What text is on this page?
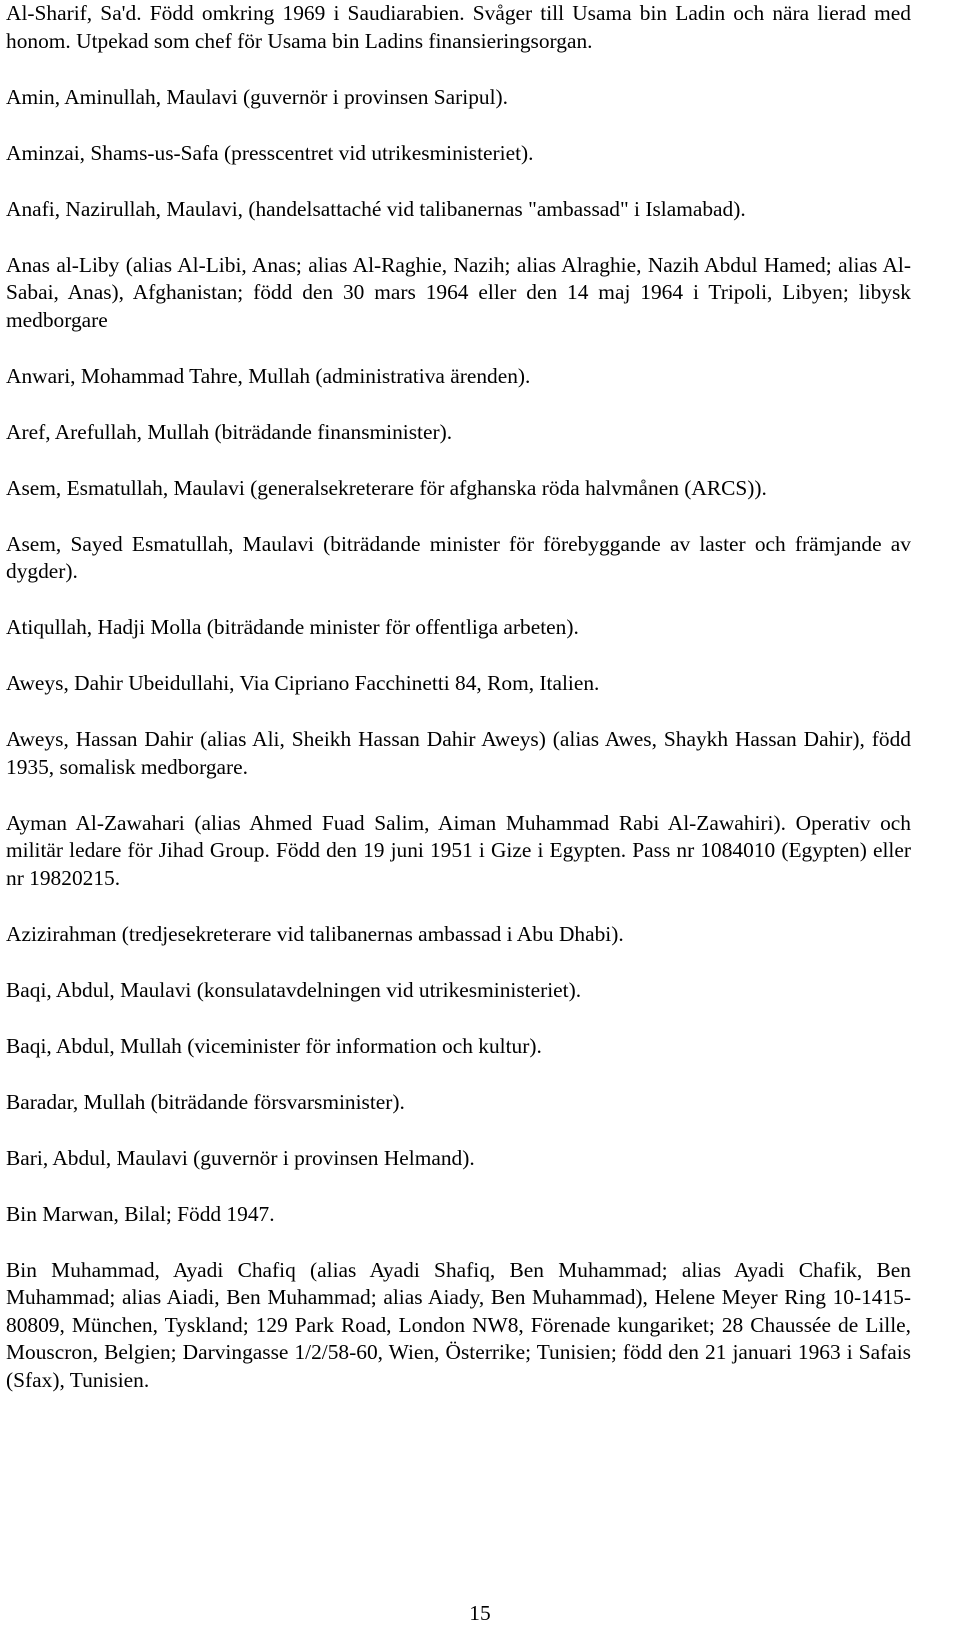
Al-Sharif, Sa'd. Född omkring 1969 i Saudiarabien. Svåger till Usama bin Ladin och nära lierad med honom. Utpekad som chef för Usama bin Ladins finansieringsorgan.

Amin, Aminullah, Maulavi (guvernör i provinsen Saripul).

Aminzai, Shams-us-Safa (presscentret vid utrikesministeriet).

Anafi, Nazirullah, Maulavi, (handelsattaché vid talibanernas "ambassad" i Islamabad).

Anas al-Liby (alias Al-Libi, Anas; alias Al-Raghie, Nazih; alias Alraghie, Nazih Abdul Hamed; alias Al-Sabai, Anas), Afghanistan; född den 30 mars 1964 eller den 14 maj 1964 i Tripoli, Libyen; libysk medborgare

Anwari, Mohammad Tahre, Mullah (administrativa ärenden).

Aref, Arefullah, Mullah (biträdande finansminister).

Asem, Esmatullah, Maulavi (generalsekreterare för afghanska röda halvmånen (ARCS)).

Asem, Sayed Esmatullah, Maulavi (biträdande minister för förebyggande av laster och främjande av dygder).

Atiqullah, Hadji Molla (biträdande minister för offentliga arbeten).

Aweys, Dahir Ubeidullahi, Via Cipriano Facchinetti 84, Rom, Italien.

Aweys, Hassan Dahir (alias Ali, Sheikh Hassan Dahir Aweys) (alias Awes, Shaykh Hassan Dahir), född 1935, somalisk medborgare.

Ayman Al-Zawahari (alias Ahmed Fuad Salim, Aiman Muhammad Rabi Al-Zawahiri). Operativ och militär ledare för Jihad Group. Född den 19 juni 1951 i Gize i Egypten. Pass nr 1084010 (Egypten) eller nr 19820215.

Azizirahman (tredjesekreterare vid talibanernas ambassad i Abu Dhabi).

Baqi, Abdul, Maulavi (konsulatavdelningen vid utrikesministeriet).

Baqi, Abdul, Mullah (viceminister för information och kultur).

Baradar, Mullah (biträdande försvarsminister).

Bari, Abdul, Maulavi (guvernör i provinsen Helmand).

Bin Marwan, Bilal; Född 1947.

Bin Muhammad, Ayadi Chafiq (alias Ayadi Shafiq, Ben Muhammad; alias Ayadi Chafik, Ben Muhammad; alias Aiadi, Ben Muhammad; alias Aiady, Ben Muhammad), Helene Meyer Ring 10-1415-80809, München, Tyskland; 129 Park Road, London NW8, Förenade kungariket; 28 Chaussée de Lille, Mouscron, Belgien; Darvingasse 1/2/58-60, Wien, Österrike; Tunisien; född den 21 januari 1963 i Safais (Sfax), Tunisien.

15
